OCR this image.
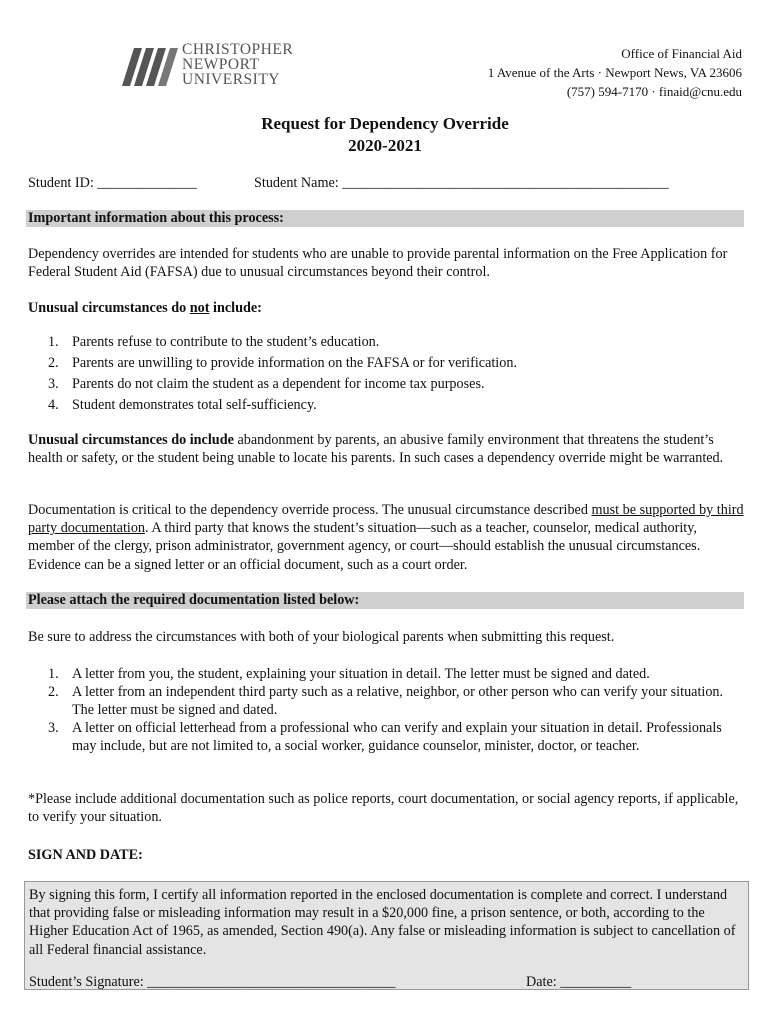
CHRISTOPHER
NEWPORT
UNIVERSITY
Office of Financial Aid
1 Avenue of the Arts · Newport News, VA 23606
(757) 594-7170 · finaid@cnu.edu
Request for Dependency Override
2020-2021
Student ID: ______________	Student Name: ______________________________________________
Important information about this process:
Dependency overrides are intended for students who are unable to provide parental information on the Free Application for Federal Student Aid (FAFSA) due to unusual circumstances beyond their control.
Unusual circumstances do not include:
1. Parents refuse to contribute to the student’s education.
2. Parents are unwilling to provide information on the FAFSA or for verification.
3. Parents do not claim the student as a dependent for income tax purposes.
4. Student demonstrates total self-sufficiency.
Unusual circumstances do include abandonment by parents, an abusive family environment that threatens the student’s health or safety, or the student being unable to locate his parents. In such cases a dependency override might be warranted.
Documentation is critical to the dependency override process. The unusual circumstance described must be supported by third party documentation. A third party that knows the student’s situation—such as a teacher, counselor, medical authority, member of the clergy, prison administrator, government agency, or court—should establish the unusual circumstances. Evidence can be a signed letter or an official document, such as a court order.
Please attach the required documentation listed below:
Be sure to address the circumstances with both of your biological parents when submitting this request.
1. A letter from you, the student, explaining your situation in detail. The letter must be signed and dated.
2. A letter from an independent third party such as a relative, neighbor, or other person who can verify your situation. The letter must be signed and dated.
3. A letter on official letterhead from a professional who can verify and explain your situation in detail. Professionals may include, but are not limited to, a social worker, guidance counselor, minister, doctor, or teacher.
*Please include additional documentation such as police reports, court documentation, or social agency reports, if applicable, to verify your situation.
SIGN AND DATE:
By signing this form, I certify all information reported in the enclosed documentation is complete and correct. I understand that providing false or misleading information may result in a $20,000 fine, a prison sentence, or both, according to the Higher Education Act of 1965, as amended, Section 490(a). Any false or misleading information is subject to cancellation of all Federal financial assistance.
Student’s Signature: ___________________________________	Date: __________
